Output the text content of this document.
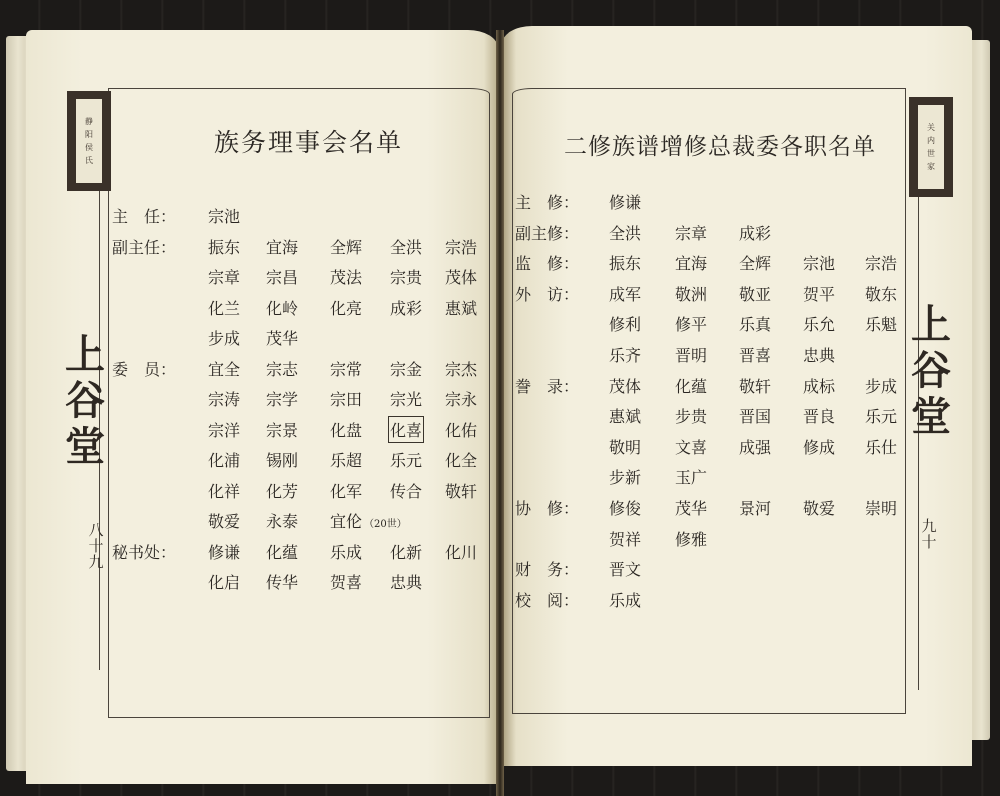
静
阳
侯
氏
关
内
世
家
上
谷
堂
上
谷
堂
八
十
九
九
十
族务理事会名单	二修族谱增修总裁委各职名单
主　任： 宗池
副主任： 振东 宜海 全辉 全洪 宗浩
宗章 宗昌 茂法 宗贵 茂体
化兰 化岭 化亮 成彩 惠斌
步成 茂华
委　员： 宜全 宗志 宗常 宗金 宗杰
宗涛 宗学 宗田 宗光 宗永
宗洋 宗景 化盘 化喜 化佑
化浦 锡刚 乐超 乐元 化全
化祥 化芳 化军 传合 敬轩
敬爱 永泰 宜伦 （20世）
秘书处： 修谦 化蕴 乐成 化新 化川
化启 传华 贺喜 忠典
主　修： 修谦
副主修： 全洪 宗章 成彩
监　修： 振东 宜海 全辉 宗池 宗浩
外　访： 成军 敬洲 敬亚 贺平 敬东
修利 修平 乐真 乐允 乐魁
乐齐 晋明 晋喜 忠典
誊　录： 茂体 化蕴 敬轩 成标 步成
惠斌 步贵 晋国 晋良 乐元
敬明 文喜 成强 修成 乐仕
步新 玉广
协　修： 修俊 茂华 景河 敬爱 崇明
贺祥 修雅
财　务： 晋文
校　阅： 乐成
